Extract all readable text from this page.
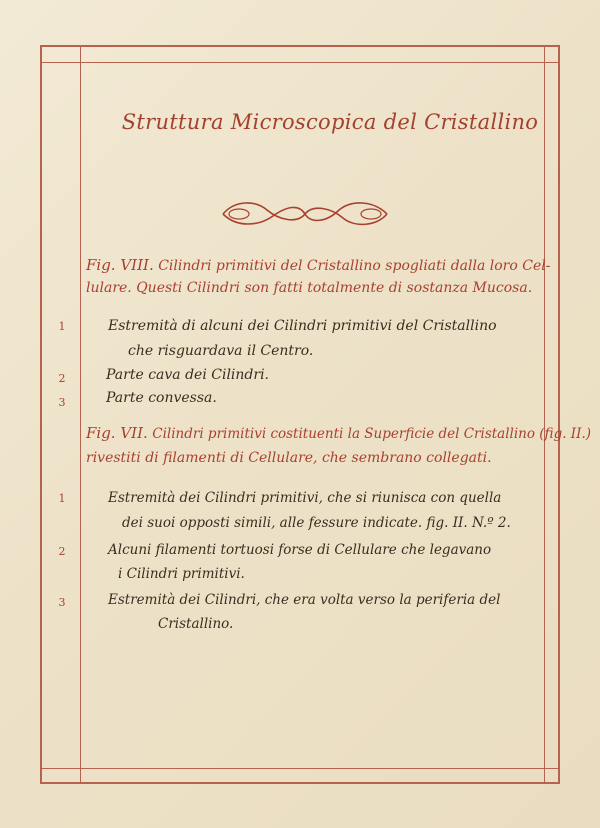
Struttura Microscopica del Cristallino
Fig. VIII. Cilindri primitivi del Cristallino spogliati dalla loro Cel-
lulare. Questi Cilindri son fatti totalmente di sostanza Mucosa.
1	Estremità di alcuni dei Cilindri primitivi del Cristallino
che risguardava il Centro.
2	Parte cava dei Cilindri.
3	Parte convessa.
Fig. VII. Cilindri primitivi costituenti la Superficie del Cristallino (fig. II.)
rivestiti di filamenti di Cellulare, che sembrano collegati.
1	Estremità dei Cilindri primitivi, che si riunisca con quella
dei suoi opposti simili, alle fessure indicate. fig. II. N.º 2.
2	Alcuni filamenti tortuosi forse di Cellulare che legavano
i Cilindri primitivi.
3	Estremità dei Cilindri, che era volta verso la periferia del
Cristallino.
